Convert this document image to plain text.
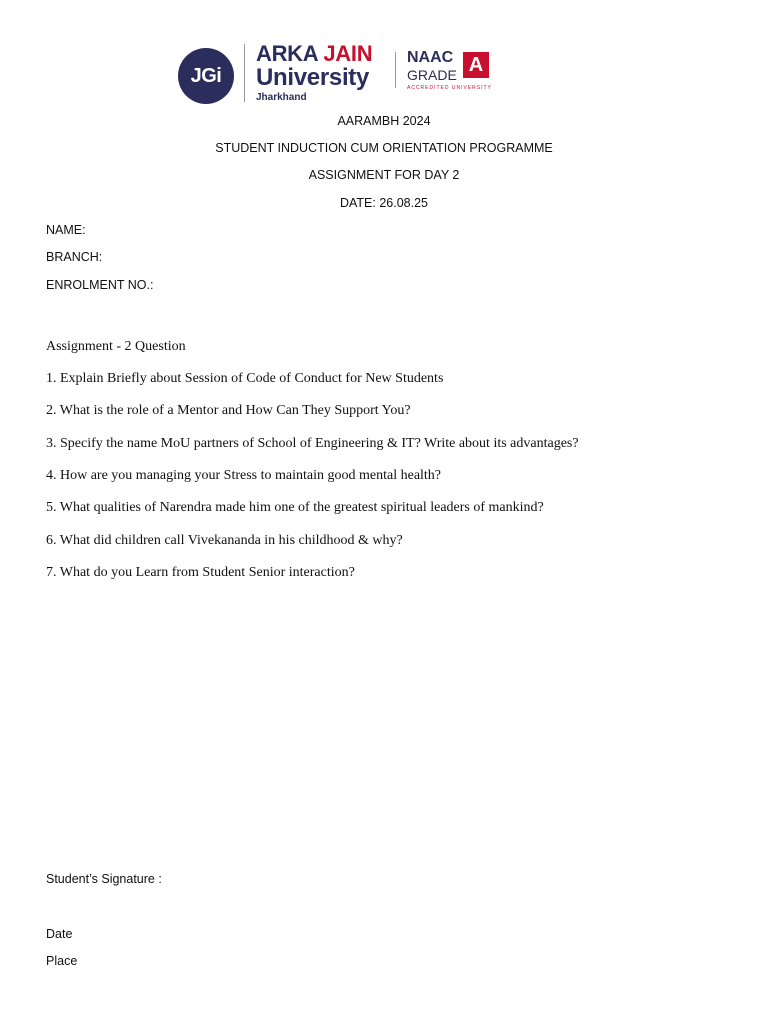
JGi
ARKA JAIN
University
Jharkhand
NAAC
GRADE
ACCREDITED UNIVERSITY
A
AARAMBH 2024
STUDENT INDUCTION CUM ORIENTATION PROGRAMME
ASSIGNMENT FOR DAY 2
DATE: 26.08.25
NAME:
BRANCH:
ENROLMENT NO.:
Assignment - 2 Question
1. Explain Briefly about Session of Code of Conduct for New Students
2. What is the role of a Mentor and How Can They Support You?
3. Specify the name MoU partners of School of Engineering & IT? Write about its advantages?
4. How are you managing your Stress to maintain good mental health?
5. What qualities of Narendra made him one of the greatest spiritual leaders of mankind?
6. What did children call Vivekananda in his childhood & why?
7. What do you Learn from Student Senior interaction?
Student’s Signature :
Date
Place
